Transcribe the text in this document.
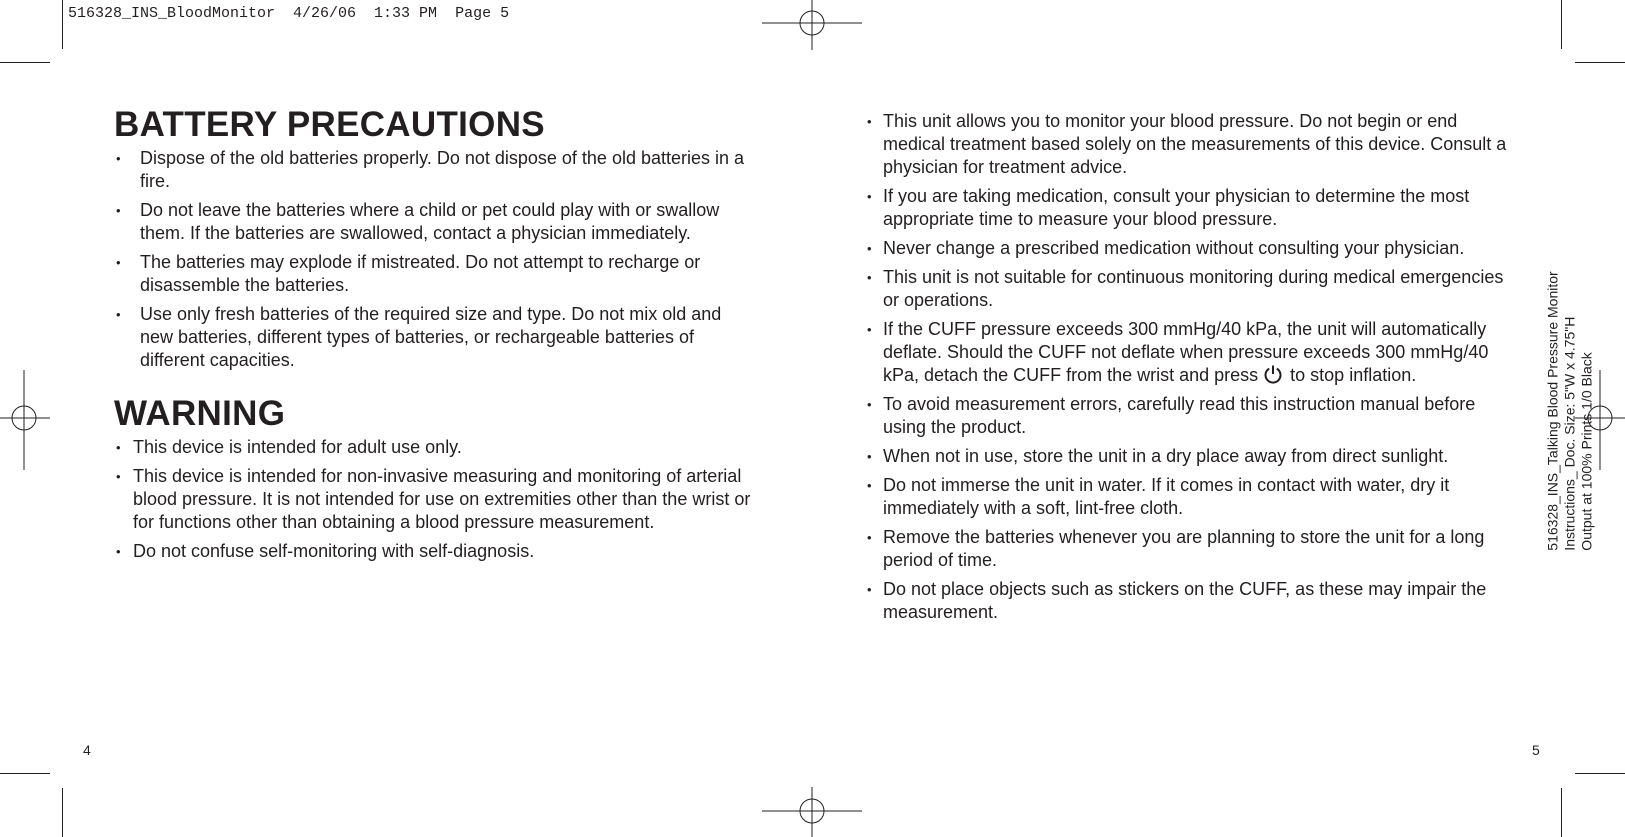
516328_INS_BloodMonitor  4/26/06  1:33 PM  Page 5
BATTERY PRECAUTIONS
• Dispose of the old batteries properly. Do not dispose of the old batteries in a fire.
• Do not leave the batteries where a child or pet could play with or swallow them. If the batteries are swallowed, contact a physician immediately.
• The batteries may explode if mistreated. Do not attempt to recharge or disassemble the batteries.
• Use only fresh batteries of the required size and type. Do not mix old and new batteries, different types of batteries, or rechargeable batteries of different capacities.
WARNING
• This device is intended for adult use only.
• This device is intended for non-invasive measuring and monitoring of arterial blood pressure. It is not intended for use on extremities other than the wrist or for functions other than obtaining a blood pressure measurement.
• Do not confuse self-monitoring with self-diagnosis.
• This unit allows you to monitor your blood pressure. Do not begin or end medical treatment based solely on the measurements of this device. Consult a physician for treatment advice.
• If you are taking medication, consult your physician to determine the most appropriate time to measure your blood pressure.
• Never change a prescribed medication without consulting your physician.
• This unit is not suitable for continuous monitoring during medical emergencies or operations.
• If the CUFF pressure exceeds 300 mmHg/40 kPa, the unit will automatically deflate. Should the CUFF not deflate when pressure exceeds 300 mmHg/40 kPa, detach the CUFF from the wrist and press to stop inflation.
• To avoid measurement errors, carefully read this instruction manual before using the product.
• When not in use, store the unit in a dry place away from direct sunlight.
• Do not immerse the unit in water. If it comes in contact with water, dry it immediately with a soft, lint-free cloth.
• Remove the batteries whenever you are planning to store the unit for a long period of time.
• Do not place objects such as stickers on the CUFF, as these may impair the measurement.
4	5
516328_INS_Talking Blood Pressure Monitor Instructions_ Doc. Size: 5"W x 4.75"H Output at 100% Prints 1/0 Black
